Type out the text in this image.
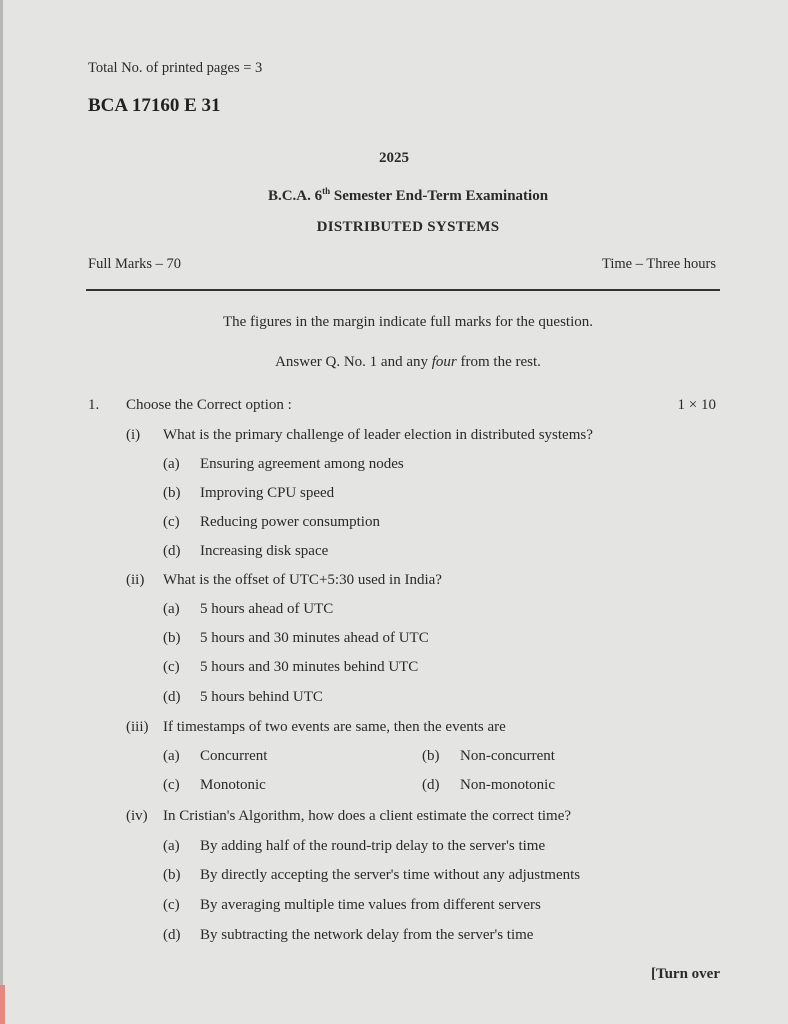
Total No. of printed pages = 3
BCA 17160 E 31
2025
B.C.A. 6th Semester End-Term Examination
DISTRIBUTED SYSTEMS
Full Marks – 70	Time – Three hours
The figures in the margin indicate full marks for the question.
Answer Q. No. 1 and any four from the rest.
1. Choose the Correct option :	1 × 10
(i) What is the primary challenge of leader election in distributed systems?
(a) Ensuring agreement among nodes
(b) Improving CPU speed
(c) Reducing power consumption
(d) Increasing disk space
(ii) What is the offset of UTC+5:30 used in India?
(a) 5 hours ahead of UTC
(b) 5 hours and 30 minutes ahead of UTC
(c) 5 hours and 30 minutes behind UTC
(d) 5 hours behind UTC
(iii) If timestamps of two events are same, then the events are
(a) Concurrent	(b) Non-concurrent
(c) Monotonic	(d) Non-monotonic
(iv) In Cristian's Algorithm, how does a client estimate the correct time?
(a) By adding half of the round-trip delay to the server's time
(b) By directly accepting the server's time without any adjustments
(c) By averaging multiple time values from different servers
(d) By subtracting the network delay from the server's time
[Turn over
